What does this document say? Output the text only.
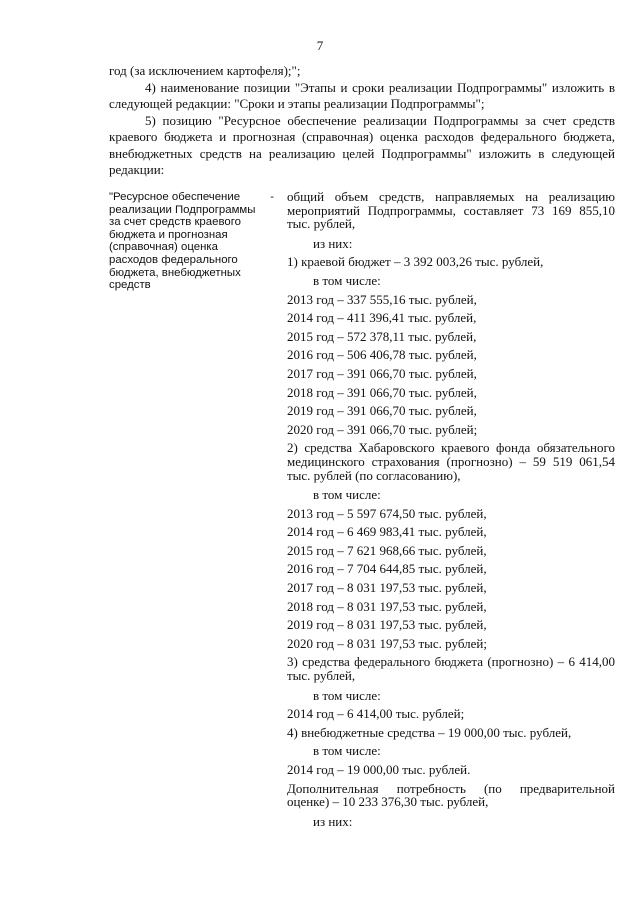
7

год (за исключением картофеля);";

4) наименование позиции "Этапы и сроки реализации Подпрограммы" изложить в следующей редакции: "Сроки и этапы реализации Подпрограммы";

5) позицию "Ресурсное обеспечение реализации Подпрограммы за счет средств краевого бюджета и прогнозная (справочная) оценка расходов федерального бюджета, внебюджетных средств на реализацию целей Подпрограммы" изложить в следующей редакции:

"Ресурсное обеспечение реализации Подпрограммы за счет средств краевого бюджета и прогнозная (справочная) оценка расходов федерального бюджета, внебюджетных средств
- общий объем средств, направляемых на реализацию мероприятий Подпрограммы, составляет 73 169 855,10 тыс. рублей,
из них:
1) краевой бюджет – 3 392 003,26 тыс. рублей,
в том числе:
2013 год – 337 555,16 тыс. рублей,
2014 год – 411 396,41 тыс. рублей,
2015 год – 572 378,11 тыс. рублей,
2016 год – 506 406,78 тыс. рублей,
2017 год – 391 066,70 тыс. рублей,
2018 год – 391 066,70 тыс. рублей,
2019 год – 391 066,70 тыс. рублей,
2020 год – 391 066,70 тыс. рублей;
2) средства Хабаровского краевого фонда обязательного медицинского страхования (прогнозно) – 59 519 061,54 тыс. рублей (по согласованию),
в том числе:
2013 год – 5 597 674,50 тыс. рублей,
2014 год – 6 469 983,41 тыс. рублей,
2015 год – 7 621 968,66 тыс. рублей,
2016 год – 7 704 644,85 тыс. рублей,
2017 год – 8 031 197,53 тыс. рублей,
2018 год – 8 031 197,53 тыс. рублей,
2019 год – 8 031 197,53 тыс. рублей,
2020 год – 8 031 197,53 тыс. рублей;
3) средства федерального бюджета (прогнозно) – 6 414,00 тыс. рублей,
в том числе:
2014 год – 6 414,00 тыс. рублей;
4) внебюджетные средства – 19 000,00 тыс. рублей,
в том числе:
2014 год – 19 000,00 тыс. рублей.
Дополнительная потребность (по предварительной оценке) – 10 233 376,30 тыс. рублей,
из них:
